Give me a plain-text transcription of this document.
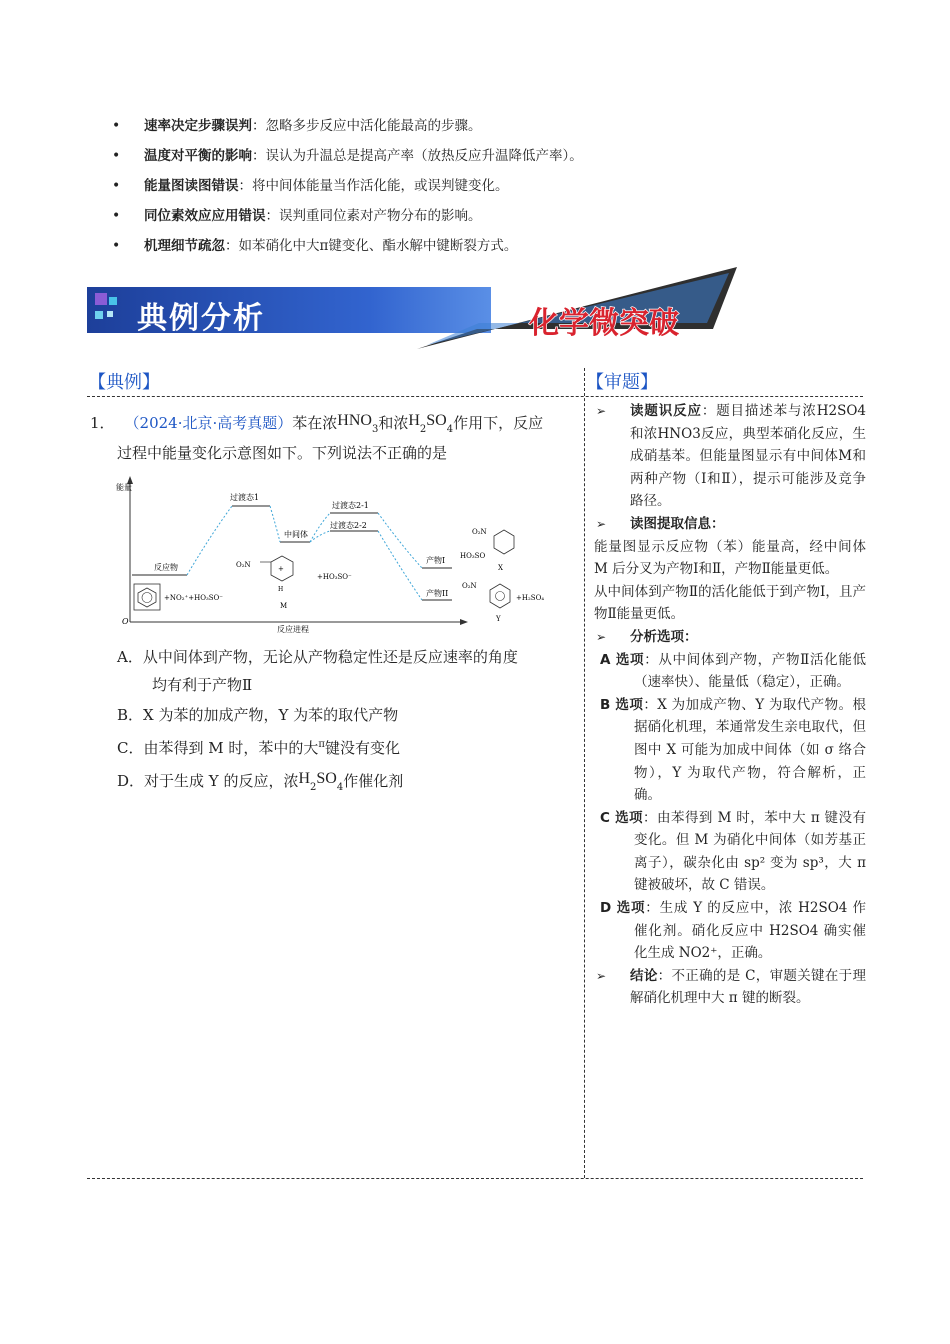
• 速率决定步骤误判：忽略多步反应中活化能最高的步骤。
• 温度对平衡的影响：误认为升温总是提高产率（放热反应升温降低产率）。
• 能量图读图错误：将中间体能量当作活化能，或误判键变化。
• 同位素效应应用错误：误判重同位素对产物分布的影响。
• 机理细节疏忽：如苯硝化中大π键变化、酯水解中键断裂方式。
典例分析
chemistry
化学微突破
【典例】	【审题】
1． （2024·北京·高考真题）苯在浓$HNO_3$和浓$H_2SO_4$作用下，反应
过程中能量变化示意图如下。下列说法不正确的是
能量
O
反应进程
反应物
过渡态1
中间体
过渡态2-1
过渡态2-2
产物I
产物II
+NO₂⁺+HO₃SO⁻
O₂N	+
H
M
+HO₃SO⁻
O₂N
HO₃SO
X
O₂N
Y
+H₂SO₄
A．从中间体到产物，无论从产物稳定性还是反应速率的角度
均有利于产物Ⅱ
B．X 为苯的加成产物，Y 为苯的取代产物
C．由苯得到 M 时，苯中的大$^\pi$键没有变化
D．对于生成 Y 的反应，浓$H_2SO_4$作催化剂
➢ 读题识反应：题目描述苯与浓H2SO4和浓HNO3反应，典型苯硝化反应，生成硝基苯。但能量图显示有中间体M和两种产物（Ⅰ和Ⅱ），提示可能涉及竞争路径。
➢ 读图提取信息：
能量图显示反应物（苯）能量高，经中间体 M 后分叉为产物Ⅰ和Ⅱ，产物Ⅱ能量更低。
从中间体到产物Ⅱ的活化能低于到产物Ⅰ，且产物Ⅱ能量更低。
➢ 分析选项：
A 选项：从中间体到产物，产物Ⅱ活化能低（速率快）、能量低（稳定），正确。
B 选项：X 为加成产物、Y 为取代产物。根据硝化机理，苯通常发生亲电取代，但图中 X 可能为加成中间体（如 σ 络合物），Y 为取代产物，符合解析，正确。
C 选项：由苯得到 M 时，苯中大 π 键没有变化。但 M 为硝化中间体（如芳基正离子），碳杂化由 sp² 变为 sp³，大 π 键被破坏，故 C 错误。
D 选项：生成 Y 的反应中，浓 H2SO4 作催化剂。硝化反应中 H2SO4 确实催化生成 NO2⁺，正确。
➢ 结论：不正确的是 C，审题关键在于理解硝化机理中大 π 键的断裂。
